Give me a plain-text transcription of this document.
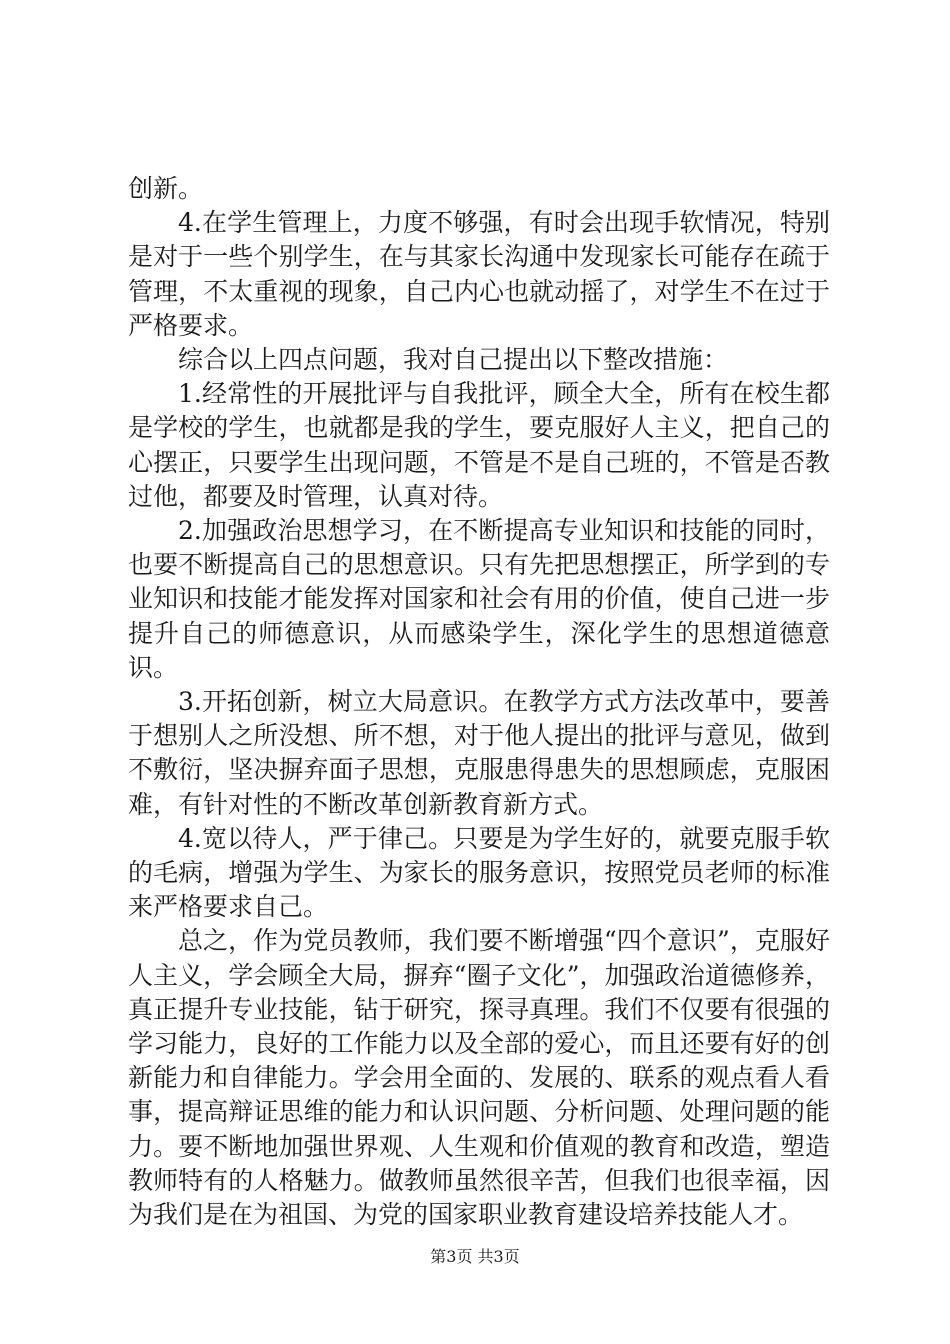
创新。

4.在学生管理上，力度不够强，有时会出现手软情况，特别是对于一些个别学生，在与其家长沟通中发现家长可能存在疏于管理，不太重视的现象，自己内心也就动摇了，对学生不在过于严格要求。

综合以上四点问题，我对自己提出以下整改措施：

1.经常性的开展批评与自我批评，顾全大全，所有在校生都是学校的学生，也就都是我的学生，要克服好人主义，把自己的心摆正，只要学生出现问题，不管是不是自己班的，不管是否教过他，都要及时管理，认真对待。

2.加强政治思想学习，在不断提高专业知识和技能的同时，也要不断提高自己的思想意识。只有先把思想摆正，所学到的专业知识和技能才能发挥对国家和社会有用的价值，使自己进一步提升自己的师德意识，从而感染学生，深化学生的思想道德意识。

3.开拓创新，树立大局意识。在教学方式方法改革中，要善于想别人之所没想、所不想，对于他人提出的批评与意见，做到不敷衍，坚决摒弃面子思想，克服患得患失的思想顾虑，克服困难，有针对性的不断改革创新教育新方式。

4.宽以待人，严于律己。只要是为学生好的，就要克服手软的毛病，增强为学生、为家长的服务意识，按照党员老师的标准来严格要求自己。

总之，作为党员教师，我们要不断增强“四个意识”，克服好人主义，学会顾全大局，摒弃“圈子文化”，加强政治道德修养，真正提升专业技能，钻于研究，探寻真理。我们不仅要有很强的学习能力，良好的工作能力以及全部的爱心，而且还要有好的创新能力和自律能力。学会用全面的、发展的、联系的观点看人看事，提高辩证思维的能力和认识问题、分析问题、处理问题的能力。要不断地加强世界观、人生观和价值观的教育和改造，塑造教师特有的人格魅力。做教师虽然很辛苦，但我们也很幸福，因为我们是在为祖国、为党的国家职业教育建设培养技能人才。

第3页 共3页
